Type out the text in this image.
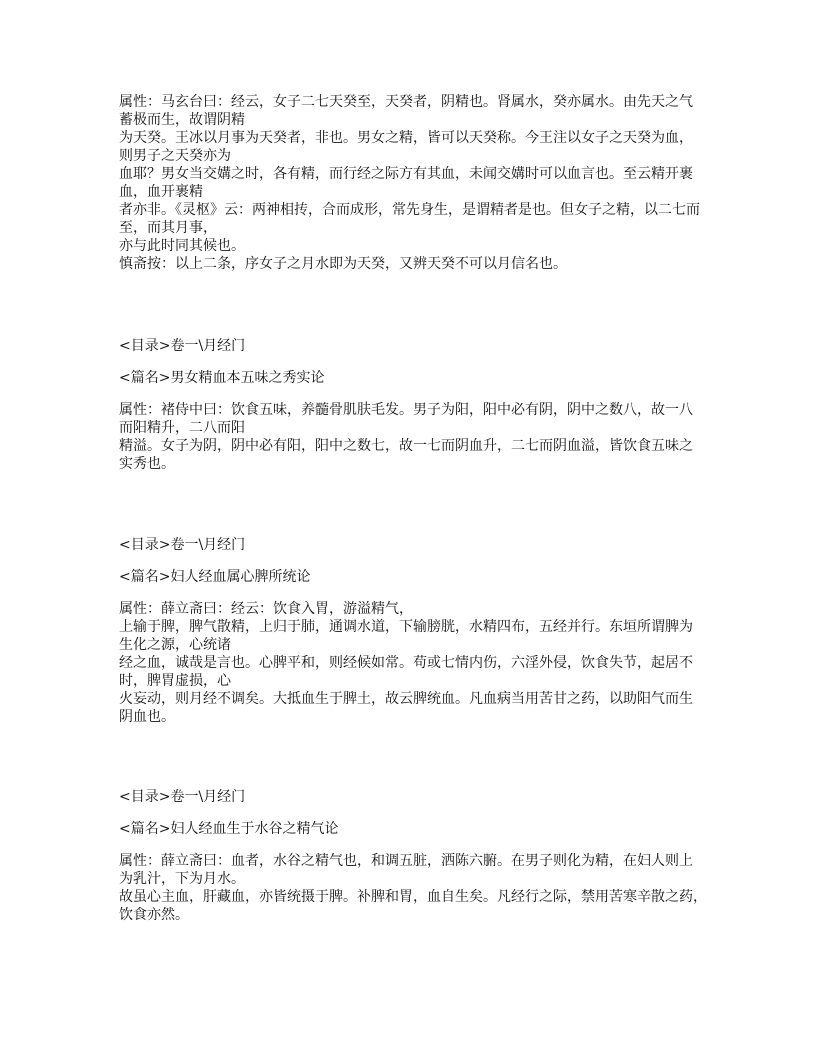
属性：马玄台曰：经云，女子二七天癸至，天癸者，阴精也。肾属水，癸亦属水。由先天之气
蓄极而生，故谓阴精
为天癸。王冰以月事为天癸者，非也。男女之精，皆可以天癸称。今王注以女子之天癸为血，
则男子之天癸亦为
血耶？男女当交媾之时，各有精，而行经之际方有其血，未闻交媾时可以血言也。至云精开裹
血，血开裹精
者亦非。《灵枢》云：两神相抟，合而成形，常先身生，是谓精者是也。但女子之精，以二七而
至，而其月事，
亦与此时同其候也。
慎斋按：以上二条，序女子之月水即为天癸，又辨天癸不可以月信名也。
<目录>卷一\月经门
<篇名>男女精血本五味之秀实论
属性：褚侍中曰：饮食五味，养髓骨肌肤毛发。男子为阳，阳中必有阴，阴中之数八，故一八
而阳精升，二八而阳
精溢。女子为阴，阴中必有阳，阳中之数七，故一七而阴血升，二七而阴血溢，皆饮食五味之
实秀也。
<目录>卷一\月经门
<篇名>妇人经血属心脾所统论
属性：薛立斋曰：经云：饮食入胃，游溢精气，
上输于脾，脾气散精，上归于肺，通调水道，下输膀胱，水精四布，五经并行。东垣所谓脾为
生化之源，心统诸
经之血，诚哉是言也。心脾平和，则经候如常。苟或七情内伤，六淫外侵，饮食失节，起居不
时，脾胃虚损，心
火妄动，则月经不调矣。大抵血生于脾土，故云脾统血。凡血病当用苦甘之药，以助阳气而生
阴血也。
<目录>卷一\月经门
<篇名>妇人经血生于水谷之精气论
属性：薛立斋曰：血者，水谷之精气也，和调五脏，洒陈六腑。在男子则化为精，在妇人则上
为乳汁，下为月水。
故虽心主血，肝藏血，亦皆统摄于脾。补脾和胃，血自生矣。凡经行之际，禁用苦寒辛散之药，
饮食亦然。
